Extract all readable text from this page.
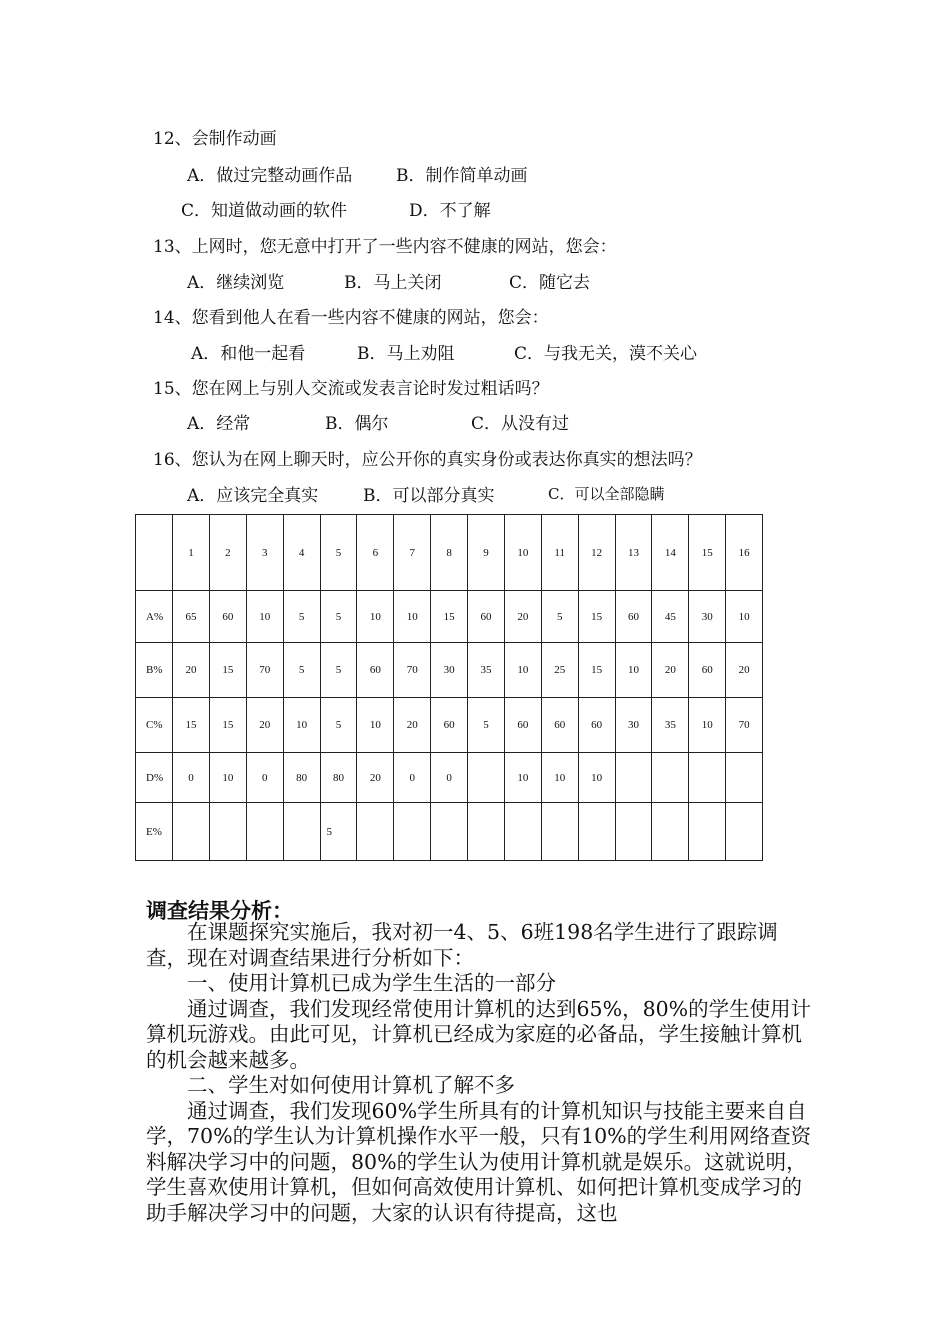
12、会制作动画
A．做过完整动画作品	B．制作简单动画
C．知道做动画的软件	D．不了解
13、上网时，您无意中打开了一些内容不健康的网站，您会：
A．继续浏览	B．马上关闭	C．随它去
14、您看到他人在看一些内容不健康的网站，您会：
A．和他一起看	B．马上劝阻	C．与我无关，漠不关心
15、您在网上与别人交流或发表言论时发过粗话吗？
A．经常	B．偶尔	C．从没有过
16、您认为在网上聊天时，应公开你的真实身份或表达你真实的想法吗？
A．应该完全真实	B．可以部分真实	C．可以全部隐瞒
	1	2	3	4	5	6	7	8	9	10	11	12	13	14	15	16
A%	65	60	10	5	5	10	10	15	60	20	5	15	60	45	30	10
B%	20	15	70	5	5	60	70	30	35	10	25	15	10	20	60	20
C%	15	15	20	10	5	10	20	60	5	60	60	60	30	35	10	70
D%	0	10	0	80	80	20	0	0		10	10	10				
E%					5											
调查结果分析：

在课题探究实施后，我对初一4、5、6班198名学生进行了跟踪调查，现在对调查结果进行分析如下：

一、使用计算机已成为学生生活的一部分

通过调查，我们发现经常使用计算机的达到65%，80%的学生使用计算机玩游戏。由此可见，计算机已经成为家庭的必备品，学生接触计算机的机会越来越多。

二、学生对如何使用计算机了解不多

通过调查，我们发现60%学生所具有的计算机知识与技能主要来自自学，70%的学生认为计算机操作水平一般，只有10%的学生利用网络查资料解决学习中的问题，80%的学生认为使用计算机就是娱乐。这就说明，学生喜欢使用计算机，但如何高效使用计算机、如何把计算机变成学习的助手解决学习中的问题，大家的认识有待提高，这也
